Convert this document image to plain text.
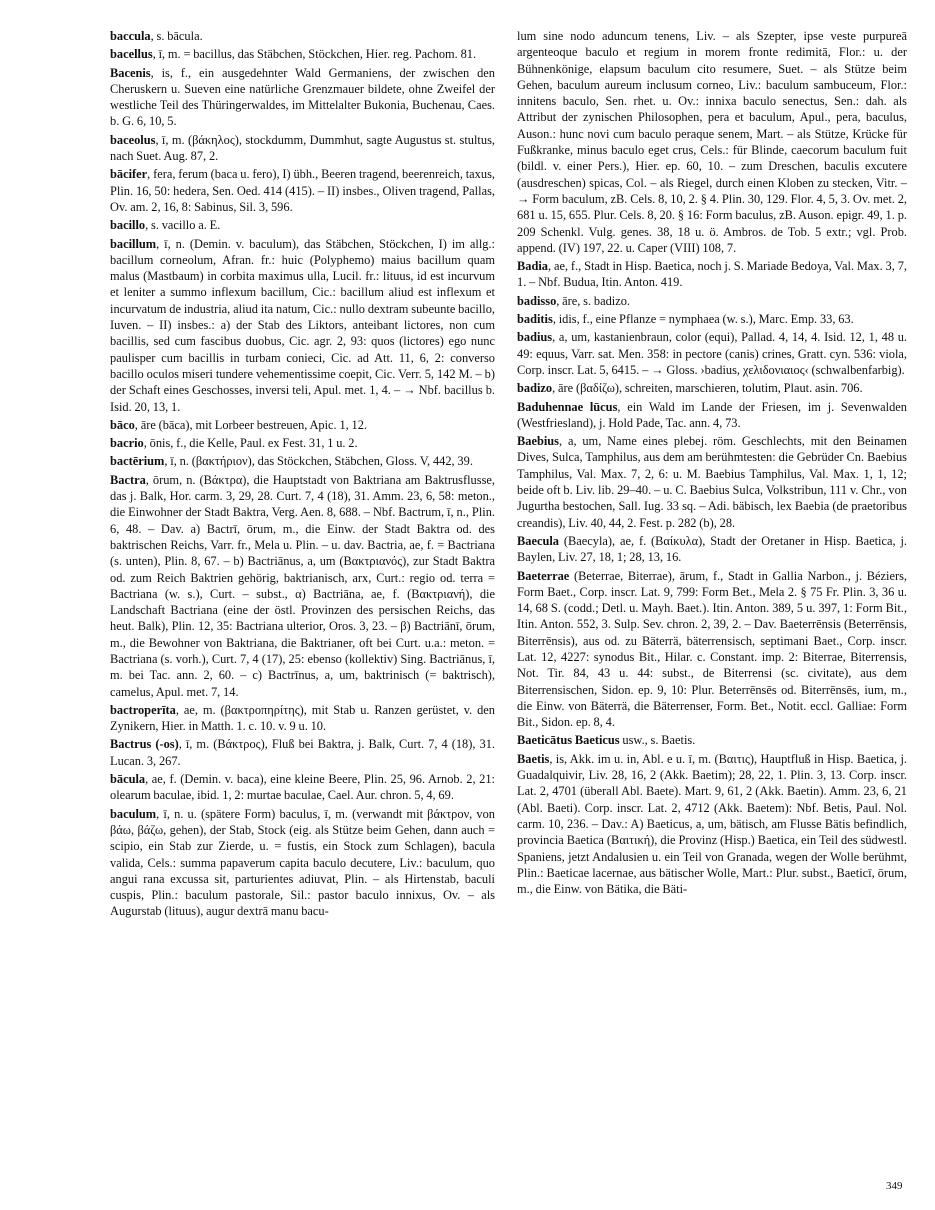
baccula, s. bācula.
bacellus, ī, m. = bacillus, das Stäbchen, Stöckchen, Hier. reg. Pachom. 81.
Bacenis, is, f., ein ausgedehnter Wald Germaniens, der zwischen den Cheruskern u. Sueven eine natürliche Grenzmauer bildete, ohne Zweifel der westliche Teil des Thüringerwaldes, im Mittelalter Bukonia, Buchenau, Caes. b. G. 6, 10, 5.
baceolus, ī, m. (βάκηλος), stockdumm, Dummhut, sagte Augustus st. stultus, nach Suet. Aug. 87, 2.
bācifer, fera, ferum (baca u. fero), I) übh., Beeren tragend, beerenreich, taxus, Plin. 16, 50: hedera, Sen. Oed. 414 (415). – II) insbes., Oliven tragend, Pallas, Ov. am. 2, 16, 8: Sabinus, Sil. 3, 596.
bacillo, s. vacillo a. E.
bacillum, ī, n. (Demin. v. baculum), das Stäbchen, Stöckchen, I) im allg.: bacillum corneolum, Afran. fr.: huic (Polyphemo) maius bacillum quam malus (Mastbaum) in corbita maximus ulla, Lucil. fr.: lituus, id est incurvum et leniter a summo inflexum bacillum, Cic.: bacillum aliud est inflexum et incurvatum de industria, aliud ita natum, Cic.: nullo dextram subeunte bacillo, Iuven. – II) insbes.: a) der Stab des Liktors, anteibant lictores, non cum bacillis, sed cum fascibus duobus, Cic. agr. 2, 93: quos (lictores) ego nunc paulisper cum bacillis in turbam conieci, Cic. ad Att. 11, 6, 2: converso bacillo oculos miseri tundere vehementissime coepit, Cic. Verr. 5, 142 M. – b) der Schaft eines Geschosses, inversi teli, Apul. met. 1, 4. – → Nbf. bacillus b. Isid. 20, 13, 1.
bāco, āre (bāca), mit Lorbeer bestreuen, Apic. 1, 12.
bacrio, ōnis, f., die Kelle, Paul. ex Fest. 31, 1 u. 2.
bactērium, ī, n. (βακτήριον), das Stöckchen, Stäbchen, Gloss. V, 442, 39.
Bactra, ōrum, n. (Βάκτρα), die Hauptstadt von Baktriana am Baktrusflusse, das j. Balk, Hor. carm. 3, 29, 28. Curt. 7, 4 (18), 31. Amm. 23, 6, 58: meton., die Einwohner der Stadt Baktra, Verg. Aen. 8, 688. – Nbf. Bactrum, ī, n., Plin. 6, 48. – Dav. a) Bactrī, ōrum, m., die Einw. der Stadt Baktra od. des baktrischen Reichs, Varr. fr., Mela u. Plin. – u. dav. Bactria, ae, f. = Bactriana (s. unten), Plin. 8, 67. – b) Bactriānus, a, um (Βακτριανός), zur Stadt Baktra od. zum Reich Baktrien gehörig, baktrianisch, arx, Curt.: regio od. terra = Bactriana (w. s.), Curt. – subst., α) Bactriāna, ae, f. (Βακτριανή), die Landschaft Bactriana (eine der östl. Provinzen des persischen Reichs, das heut. Balk), Plin. 12, 35: Bactriana ulterior, Oros. 3, 23. – β) Bactriānī, ōrum, m., die Bewohner von Baktriana, die Baktrianer, oft bei Curt. u.a.: meton. = Bactriana (s. vorh.), Curt. 7, 4 (17), 25: ebenso (kollektiv) Sing. Bactriānus, ī, m. bei Tac. ann. 2, 60. – c) Bactrīnus, a, um, baktrinisch (= baktrisch), camelus, Apul. met. 7, 14.
bactroperīta, ae, m. (βακτροπηρίτης), mit Stab u. Ranzen gerüstet, v. den Zynikern, Hier. in Matth. 1. c. 10. v. 9 u. 10.
Bactrus (-os), ī, m. (Βάκτρος), Fluß bei Baktra, j. Balk, Curt. 7, 4 (18), 31. Lucan. 3, 267.
bācula, ae, f. (Demin. v. baca), eine kleine Beere, Plin. 25, 96. Arnob. 2, 21: olearum baculae, ibid. 1, 2: murtae baculae, Cael. Aur. chron. 5, 4, 69.
baculum, ī, n. u. (spätere Form) baculus, ī, m. (verwandt mit βάκτρον, von βάω, βάζω, gehen), der Stab, Stock (eig. als Stütze beim Gehen, dann auch = scipio, ein Stab zur Zierde, u. = fustis, ein Stock zum Schlagen), bacula valida, Cels.: summa papaverum capita baculo decutere, Liv.: baculum, quo angui rana excussa sit, parturientes adiuvat, Plin. – als Hirtenstab, baculi cuspis, Plin.: baculum pastorale, Sil.: pastor baculo innixus, Ov. – als Augurstab (lituus), augur dextrā manu bacu-
lum sine nodo aduncum tenens, Liv. – als Szepter, ipse veste purpureā argenteoque baculo et regium in morem fronte redimitā, Flor.: u. der Bühnenkönige, elapsum baculum cito resumere, Suet. – als Stütze beim Gehen, baculum aureum inclusum corneo, Liv.: baculum sambuceum, Flor.: innitens baculo, Sen. rhet. u. Ov.: innixa baculo senectus, Sen.: dah. als Attribut der zynischen Philosophen, pera et baculum, Apul., pera, baculus, Auson.: hunc novi cum baculo peraque senem, Mart. – als Stütze, Krücke für Fußkranke, minus baculo eget crus, Cels.: für Blinde, caecorum baculum fuit (bildl. v. einer Pers.), Hier. ep. 60, 10. – zum Dreschen, baculis excutere (ausdreschen) spicas, Col. – als Riegel, durch einen Kloben zu stecken, Vitr. – → Form baculum, zB. Cels. 8, 10, 2. § 4. Plin. 30, 129. Flor. 4, 5, 3. Ov. met. 2, 681 u. 15, 655. Plur. Cels. 8, 20. § 16: Form baculus, zB. Auson. epigr. 49, 1. p. 209 Schenkl. Vulg. genes. 38, 18 u. ö. Ambros. de Tob. 5 extr.; vgl. Prob. append. (IV) 197, 22. u. Caper (VIII) 108, 7.
Badia, ae, f., Stadt in Hisp. Baetica, noch j. S. Mariade Bedoya, Val. Max. 3, 7, 1. – Nbf. Budua, Itin. Anton. 419.
badisso, āre, s. badizo.
baditis, idis, f., eine Pflanze = nymphaea (w. s.), Marc. Emp. 33, 63.
badius, a, um, kastanienbraun, color (equi), Pallad. 4, 14, 4. Isid. 12, 1, 48 u. 49: equus, Varr. sat. Men. 358: in pectore (canis) crines, Gratt. cyn. 536: viola, Corp. inscr. Lat. 5, 6415. – → Gloss. ›badius, χελιδονιαιος‹ (schwalbenfarbig).
badizo, āre (βαδίζω), schreiten, marschieren, tolutim, Plaut. asin. 706.
Baduhennae lūcus, ein Wald im Lande der Friesen, im j. Sevenwalden (Westfriesland), j. Hold Pade, Tac. ann. 4, 73.
Baebius, a, um, Name eines plebej. röm. Geschlechts, mit den Beinamen Dives, Sulca, Tamphilus, aus dem am berühmtesten: die Gebrüder Cn. Baebius Tamphilus, Val. Max. 7, 2, 6: u. M. Baebius Tamphilus, Val. Max. 1, 1, 12; beide oft b. Liv. lib. 29–40. – u. C. Baebius Sulca, Volkstribun, 111 v. Chr., von Jugurtha bestochen, Sall. Iug. 33 sq. – Adi. bäbisch, lex Baebia (de praetoribus creandis), Liv. 40, 44, 2. Fest. p. 282 (b), 28.
Baecula (Baecyla), ae, f. (Βαίκυλα), Stadt der Oretaner in Hisp. Baetica, j. Baylen, Liv. 27, 18, 1; 28, 13, 16.
Baeterrae (Beterrae, Biterrae), ārum, f., Stadt in Gallia Narbon., j. Béziers, Form Baet., Corp. inscr. Lat. 9, 799: Form Bet., Mela 2. § 75 Fr. Plin. 3, 36 u. 14, 68 S. (codd.; Detl. u. Mayh. Baet.). Itin. Anton. 389, 5 u. 397, 1: Form Bit., Itin. Anton. 552, 3. Sulp. Sev. chron. 2, 39, 2. – Dav. Baeterrēnsis (Beterrēnsis, Biterrēnsis), aus od. zu Bäterrä, bäterrensisch, septimani Baet., Corp. inscr. Lat. 12, 4227: synodus Bit., Hilar. c. Constant. imp. 2: Biterrae, Biterrensis, Not. Tir. 84, 43 u. 44: subst., de Biterrensi (sc. civitate), aus dem Biterrensischen, Sidon. ep. 9, 10: Plur. Beterrēnsēs od. Biterrēnsēs, ium, m., die Einw. von Bäterrä, die Bäterrenser, Form. Bet., Notit. eccl. Galliae: Form Bit., Sidon. ep. 8, 4.
Baeticātus Baeticus usw., s. Baetis.
Baetis, is, Akk. im u. in, Abl. e u. ī, m. (Βαιτις), Hauptfluß in Hisp. Baetica, j. Guadalquivir, Liv. 28, 16, 2 (Akk. Baetim); 28, 22, 1. Plin. 3, 13. Corp. inscr. Lat. 2, 4701 (überall Abl. Baete). Mart. 9, 61, 2 (Akk. Baetin). Amm. 23, 6, 21 (Abl. Baeti). Corp. inscr. Lat. 2, 4712 (Akk. Baetem): Nbf. Betis, Paul. Nol. carm. 10, 236. – Dav.: A) Baeticus, a, um, bätisch, am Flusse Bätis befindlich, provincia Baetica (Βαιτική), die Provinz (Hisp.) Baetica, ein Teil des südwestl. Spaniens, jetzt Andalusien u. ein Teil von Granada, wegen der Wolle berühmt, Plin.: Baeticae lacernae, aus bätischer Wolle, Mart.: Plur. subst., Baeticī, ōrum, m., die Einw. von Bätika, die Bäti-
349
